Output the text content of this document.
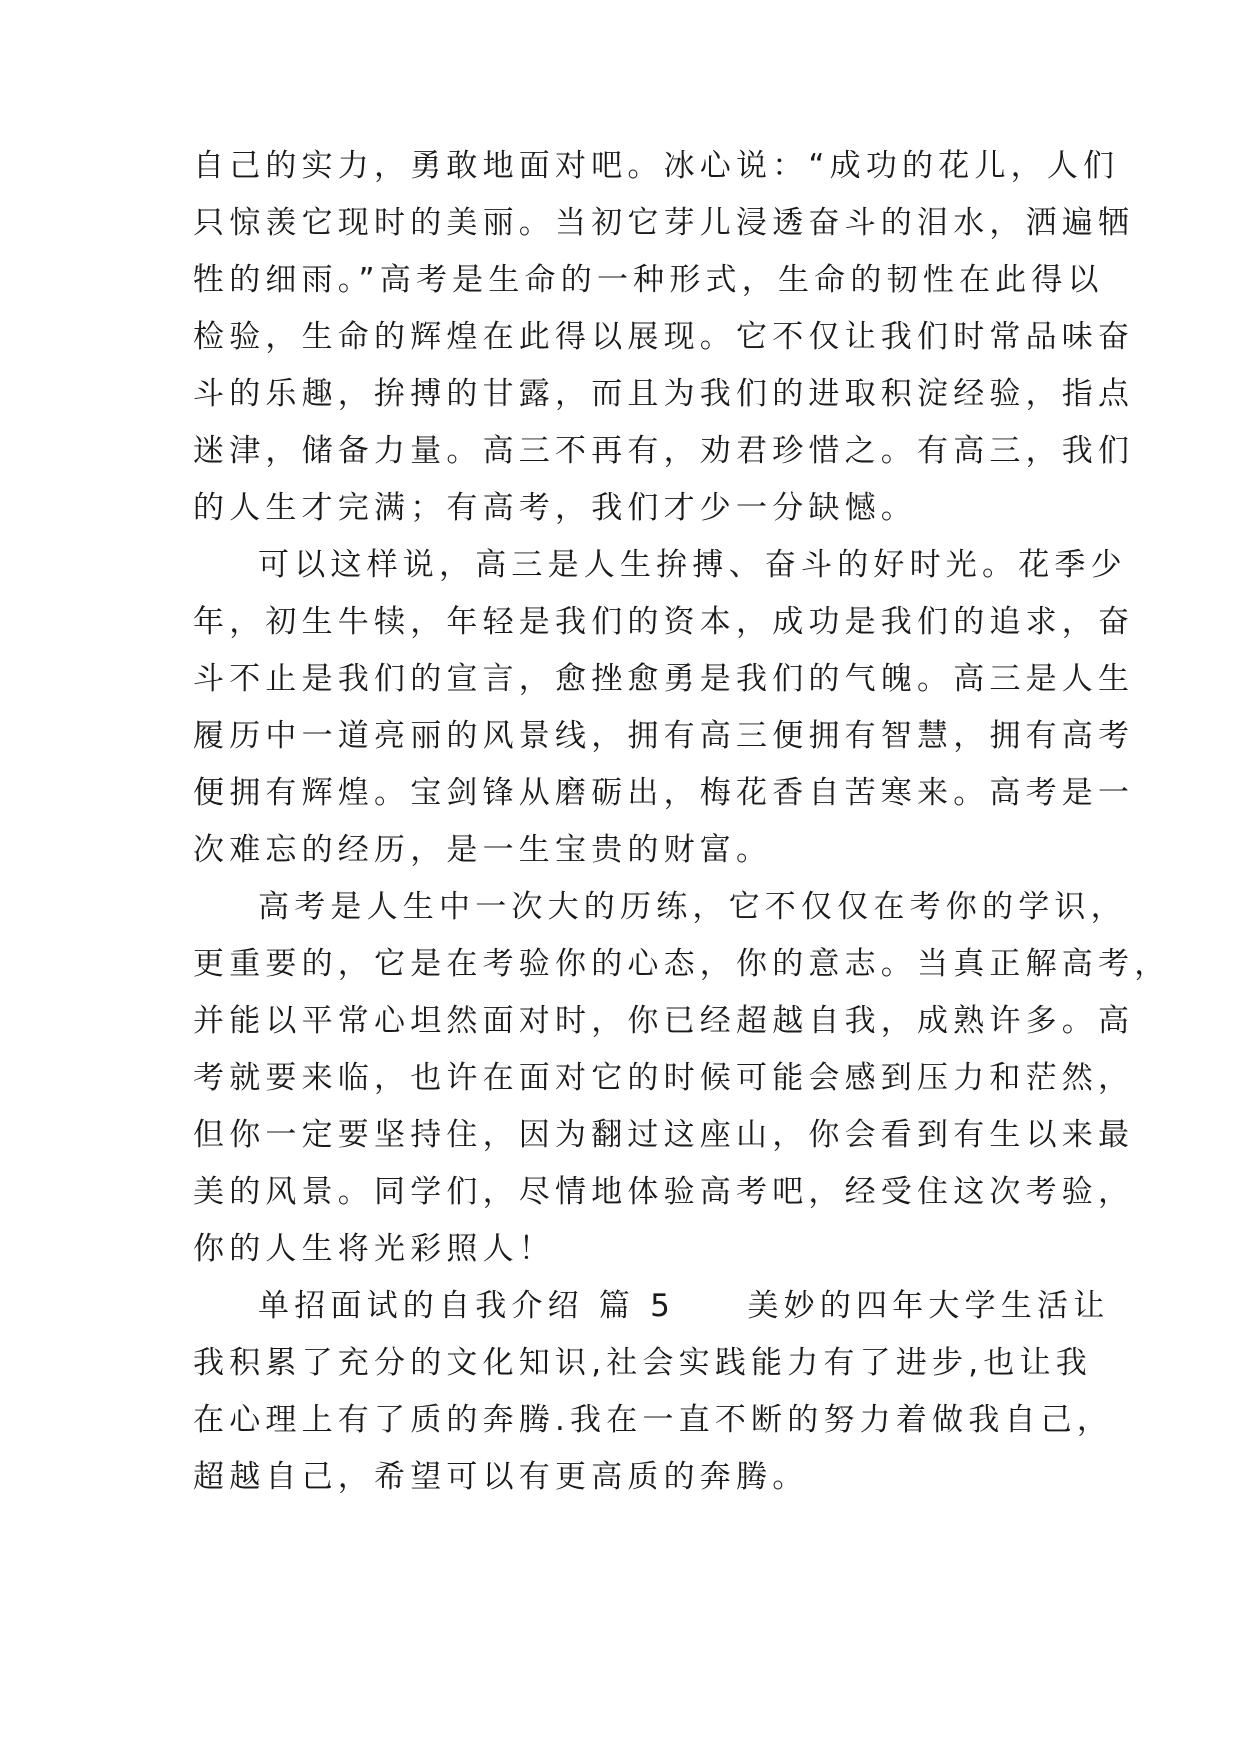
自己的实力，勇敢地面对吧。冰心说：“成功的花儿，人们
只惊羡它现时的美丽。当初它芽儿浸透奋斗的泪水，洒遍牺
牲的细雨。”高考是生命的一种形式，生命的韧性在此得以
检验，生命的辉煌在此得以展现。它不仅让我们时常品味奋
斗的乐趣，拚搏的甘露，而且为我们的进取积淀经验，指点
迷津，储备力量。高三不再有，劝君珍惜之。有高三，我们
的人生才完满；有高考，我们才少一分缺憾。
可以这样说，高三是人生拚搏、奋斗的好时光。花季少
年，初生牛犊，年轻是我们的资本，成功是我们的追求，奋
斗不止是我们的宣言，愈挫愈勇是我们的气魄。高三是人生
履历中一道亮丽的风景线，拥有高三便拥有智慧，拥有高考
便拥有辉煌。宝剑锋从磨砺出，梅花香自苦寒来。高考是一
次难忘的经历，是一生宝贵的财富。
高考是人生中一次大的历练，它不仅仅在考你的学识，
更重要的，它是在考验你的心态，你的意志。当真正解高考，
并能以平常心坦然面对时，你已经超越自我，成熟许多。高
考就要来临，也许在面对它的时候可能会感到压力和茫然，
但你一定要坚持住，因为翻过这座山，你会看到有生以来最
美的风景。同学们，尽情地体验高考吧，经受住这次考验，
你的人生将光彩照人！
单招面试的自我介绍 篇 5　　美妙的四年大学生活让
我积累了充分的文化知识,社会实践能力有了进步,也让我
在心理上有了质的奔腾.我在一直不断的努力着做我自己，
超越自己，希望可以有更高质的奔腾。
